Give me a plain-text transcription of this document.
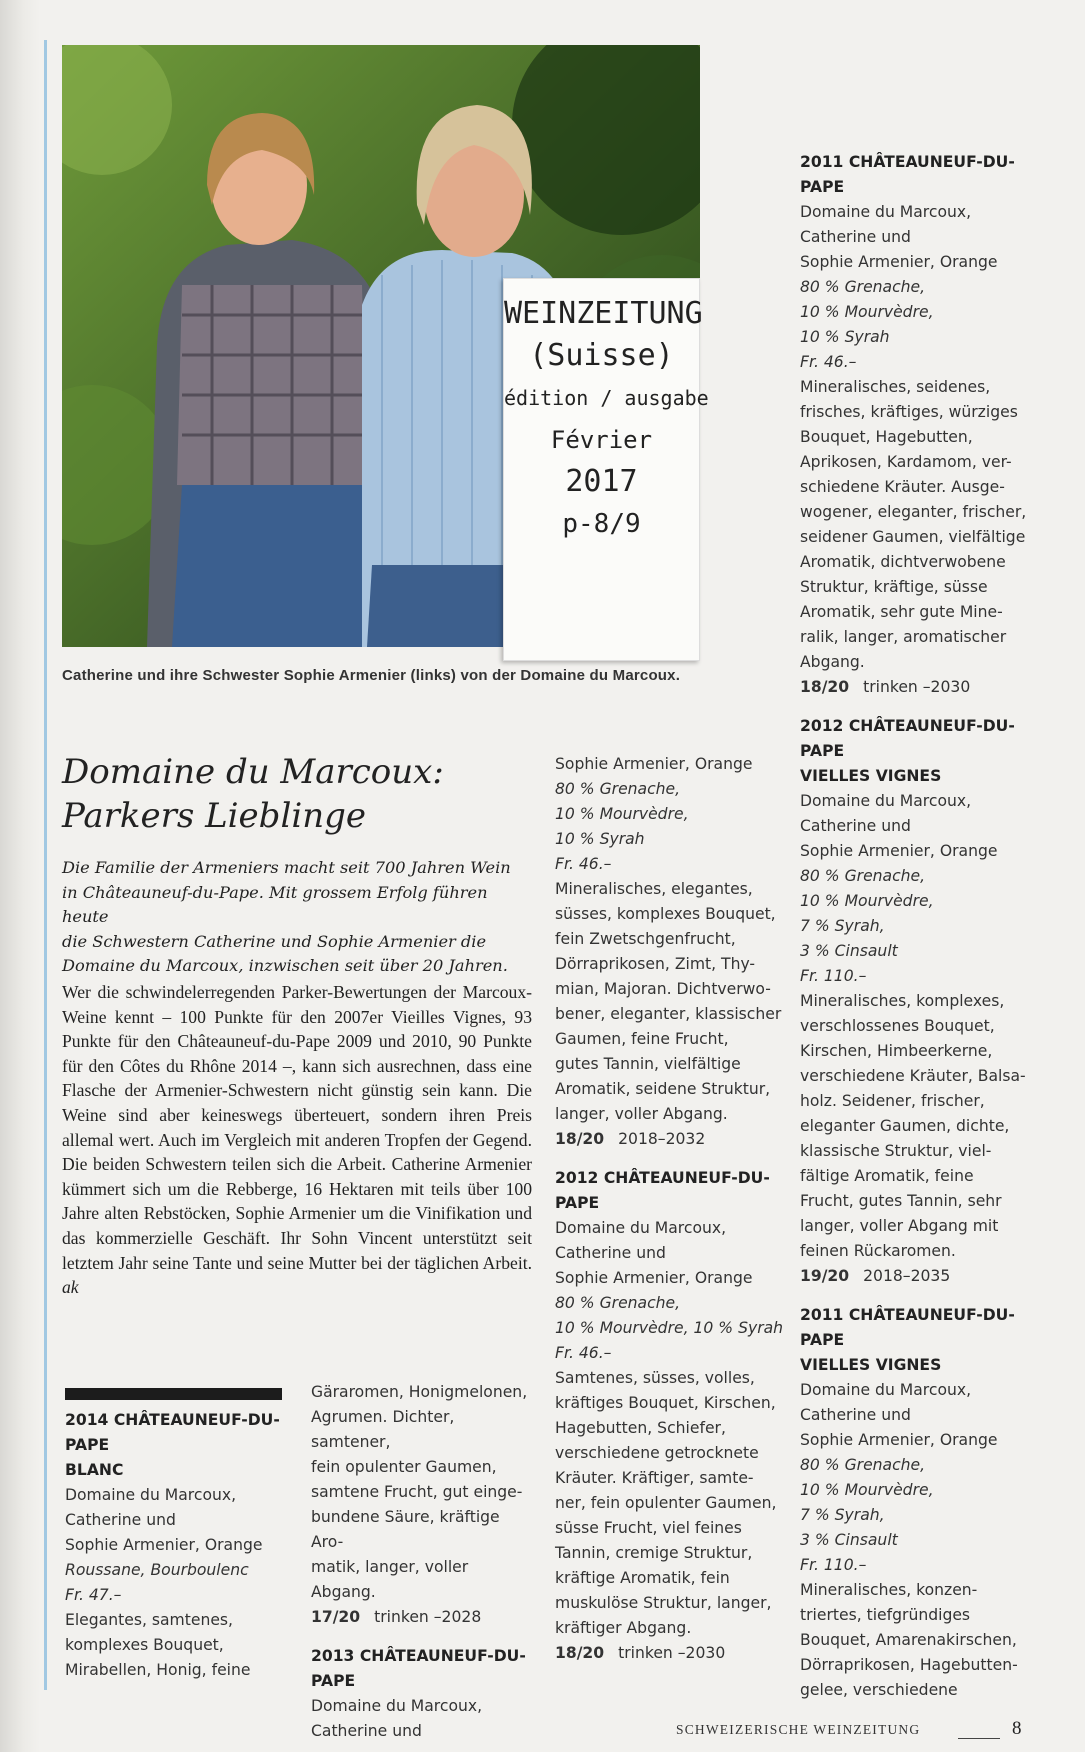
WEINZEITUNG
(Suisse)
édition / ausgabe
Février
2017
p-8/9
Catherine und ihre Schwester Sophie Armenier (links) von der Domaine du Marcoux.
Domaine du Marcoux:
Parkers Lieblinge
Die Familie der Armeniers macht seit 700 Jahren Wein
in Châteauneuf-du-Pape. Mit grossem Erfolg führen heute
die Schwestern Catherine und Sophie Armenier die
Domaine du Marcoux, inzwischen seit über 20 Jahren.
Wer die schwindelerregenden Parker-Bewertungen der Marcoux-Weine kennt – 100 Punkte für den 2007er Vieilles Vignes, 93 Punkte für den Châteauneuf-du-Pape 2009 und 2010, 90 Punkte für den Côtes du Rhône 2014 –, kann sich ausrechnen, dass eine Flasche der Armenier-Schwestern nicht günstig sein kann. Die Weine sind aber keineswegs überteuert, sondern ihren Preis allemal wert. Auch im Vergleich mit anderen Tropfen der Gegend. Die beiden Schwestern teilen sich die Arbeit. Catherine Armenier kümmert sich um die Rebberge, 16 Hektaren mit teils über 100 Jahre alten Rebstöcken, Sophie Armenier um die Vinifikation und das kommerzielle Geschäft. Ihr Sohn Vincent unterstützt seit letztem Jahr seine Tante und seine Mutter bei der täglichen Arbeit. ak
2014 CHÂTEAUNEUF-DU-PAPE
BLANC
Domaine du Marcoux,
Catherine und
Sophie Armenier, Orange
Roussane, Bourboulenc
Fr. 47.–
Elegantes, samtenes,
komplexes Bouquet,
Mirabellen, Honig, feine
Gäraromen, Honigmelonen,
Agrumen. Dichter, samtener,
fein opulenter Gaumen,
samtene Frucht, gut einge-
bundene Säure, kräftige Aro-
matik, langer, voller Abgang.
17/20 trinken –2028
2013 CHÂTEAUNEUF-DU-PAPE
Domaine du Marcoux,
Catherine und
Sophie Armenier, Orange
80 % Grenache,
10 % Mourvèdre,
10 % Syrah
Fr. 46.–
Mineralisches, elegantes,
süsses, komplexes Bouquet,
fein Zwetschgenfrucht,
Dörraprikosen, Zimt, Thy-
mian, Majoran. Dichtverwo-
bener, eleganter, klassischer
Gaumen, feine Frucht,
gutes Tannin, vielfältige
Aromatik, seidene Struktur,
langer, voller Abgang.
18/20 2018–2032
2012 CHÂTEAUNEUF-DU-PAPE
Domaine du Marcoux,
Catherine und
Sophie Armenier, Orange
80 % Grenache,
10 % Mourvèdre, 10 % Syrah
Fr. 46.–
Samtenes, süsses, volles,
kräftiges Bouquet, Kirschen,
Hagebutten, Schiefer,
verschiedene getrocknete
Kräuter. Kräftiger, samte-
ner, fein opulenter Gaumen,
süsse Frucht, viel feines
Tannin, cremige Struktur,
kräftige Aromatik, fein
muskulöse Struktur, langer,
kräftiger Abgang.
18/20 trinken –2030
2011 CHÂTEAUNEUF-DU-PAPE
Domaine du Marcoux,
Catherine und
Sophie Armenier, Orange
80 % Grenache,
10 % Mourvèdre,
10 % Syrah
Fr. 46.–
Mineralisches, seidenes,
frisches, kräftiges, würziges
Bouquet, Hagebutten,
Aprikosen, Kardamom, ver-
schiedene Kräuter. Ausge-
wogener, eleganter, frischer,
seidener Gaumen, vielfältige
Aromatik, dichtverwobene
Struktur, kräftige, süsse
Aromatik, sehr gute Mine-
ralik, langer, aromatischer
Abgang.
18/20 trinken –2030
2012 CHÂTEAUNEUF-DU-PAPE
VIELLES VIGNES
Domaine du Marcoux,
Catherine und
Sophie Armenier, Orange
80 % Grenache,
10 % Mourvèdre,
7 % Syrah,
3 % Cinsault
Fr. 110.–
Mineralisches, komplexes,
verschlossenes Bouquet,
Kirschen, Himbeerkerne,
verschiedene Kräuter, Balsa-
holz. Seidener, frischer,
eleganter Gaumen, dichte,
klassische Struktur, viel-
fältige Aromatik, feine
Frucht, gutes Tannin, sehr
langer, voller Abgang mit
feinen Rückaromen.
19/20 2018–2035
2011 CHÂTEAUNEUF-DU-PAPE
VIELLES VIGNES
Domaine du Marcoux,
Catherine und
Sophie Armenier, Orange
80 % Grenache,
10 % Mourvèdre,
7 % Syrah,
3 % Cinsault
Fr. 110.–
Mineralisches, konzen-
triertes, tiefgründiges
Bouquet, Amarenakirschen,
Dörraprikosen, Hagebutten-
gelee, verschiedene
SCHWEIZERISCHE WEINZEITUNG	8
